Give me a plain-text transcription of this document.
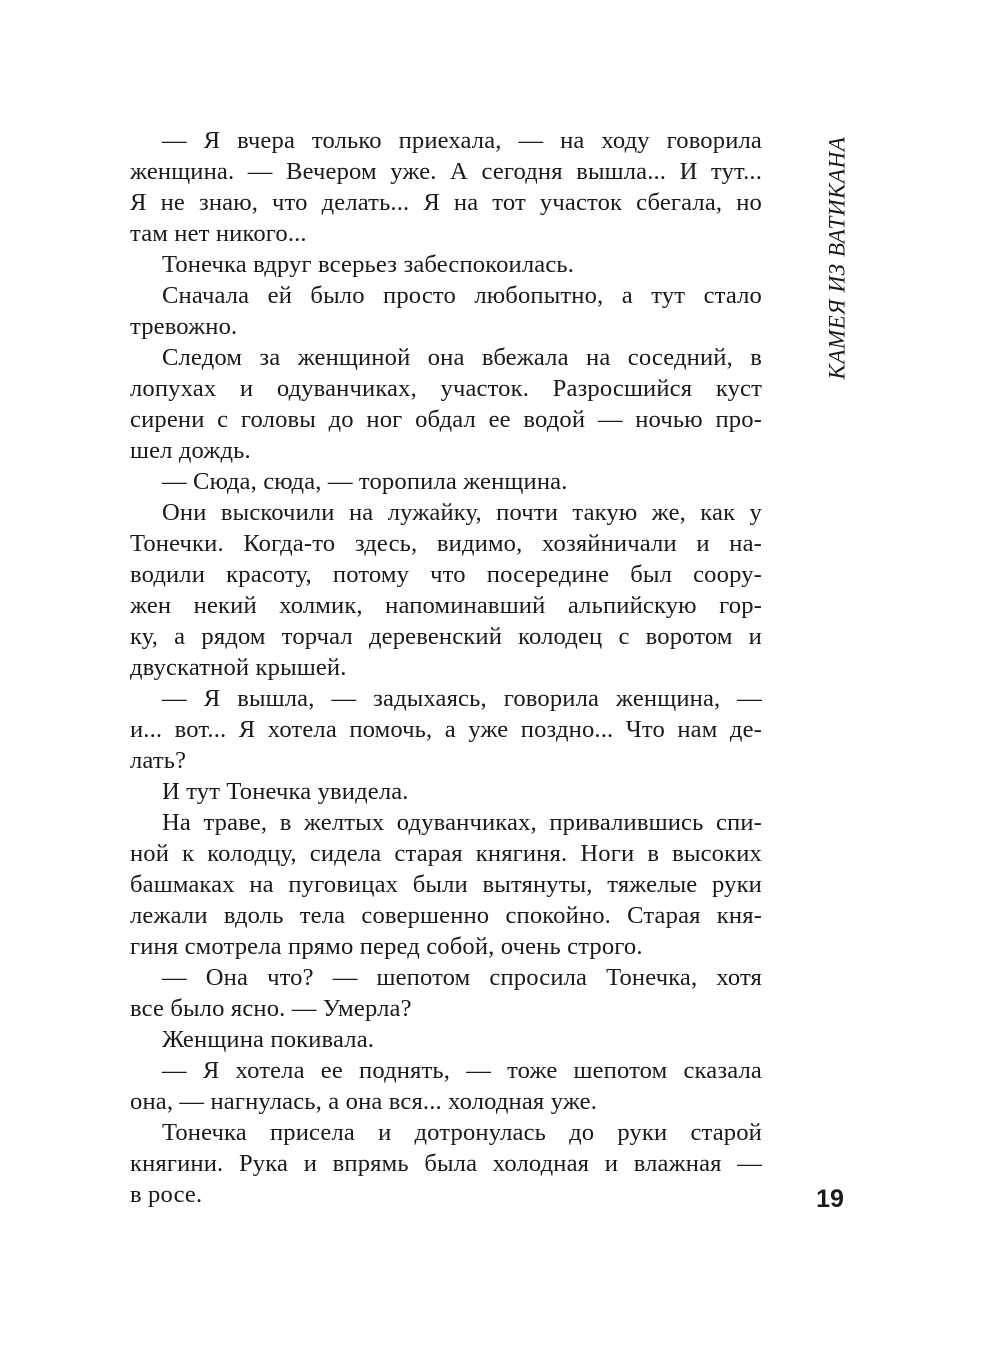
— Я вчера только приехала, — на ходу говорила
женщина. — Вечером уже. А сегодня вышла... И тут...
Я не знаю, что делать... Я на тот участок сбегала, но
там нет никого...
Тонечка вдруг всерьез забеспокоилась.
Сначала ей было просто любопытно, а тут стало
тревожно.
Следом за женщиной она вбежала на соседний, в
лопухах и одуванчиках, участок. Разросшийся куст
сирени с головы до ног обдал ее водой — ночью про-
шел дождь.
— Сюда, сюда, — торопила женщина.
Они выскочили на лужайку, почти такую же, как у
Тонечки. Когда-то здесь, видимо, хозяйничали и на-
водили красоту, потому что посередине был соору-
жен некий холмик, напоминавший альпийскую гор-
ку, а рядом торчал деревенский колодец с воротом и
двускатной крышей.
— Я вышла, — задыхаясь, говорила женщина, —
и... вот... Я хотела помочь, а уже поздно... Что нам де-
лать?
И тут Тонечка увидела.
На траве, в желтых одуванчиках, привалившись спи-
ной к колодцу, сидела старая княгиня. Ноги в высоких
башмаках на пуговицах были вытянуты, тяжелые руки
лежали вдоль тела совершенно спокойно. Старая кня-
гиня смотрела прямо перед собой, очень строго.
— Она что? — шепотом спросила Тонечка, хотя
все было ясно. — Умерла?
Женщина покивала.
— Я хотела ее поднять, — тоже шепотом сказала
она, — нагнулась, а она вся... холодная уже.
Тонечка присела и дотронулась до руки старой
княгини. Рука и впрямь была холодная и влажная —
в росе.
КАМЕЯ ИЗ ВАТИКАНА
19
